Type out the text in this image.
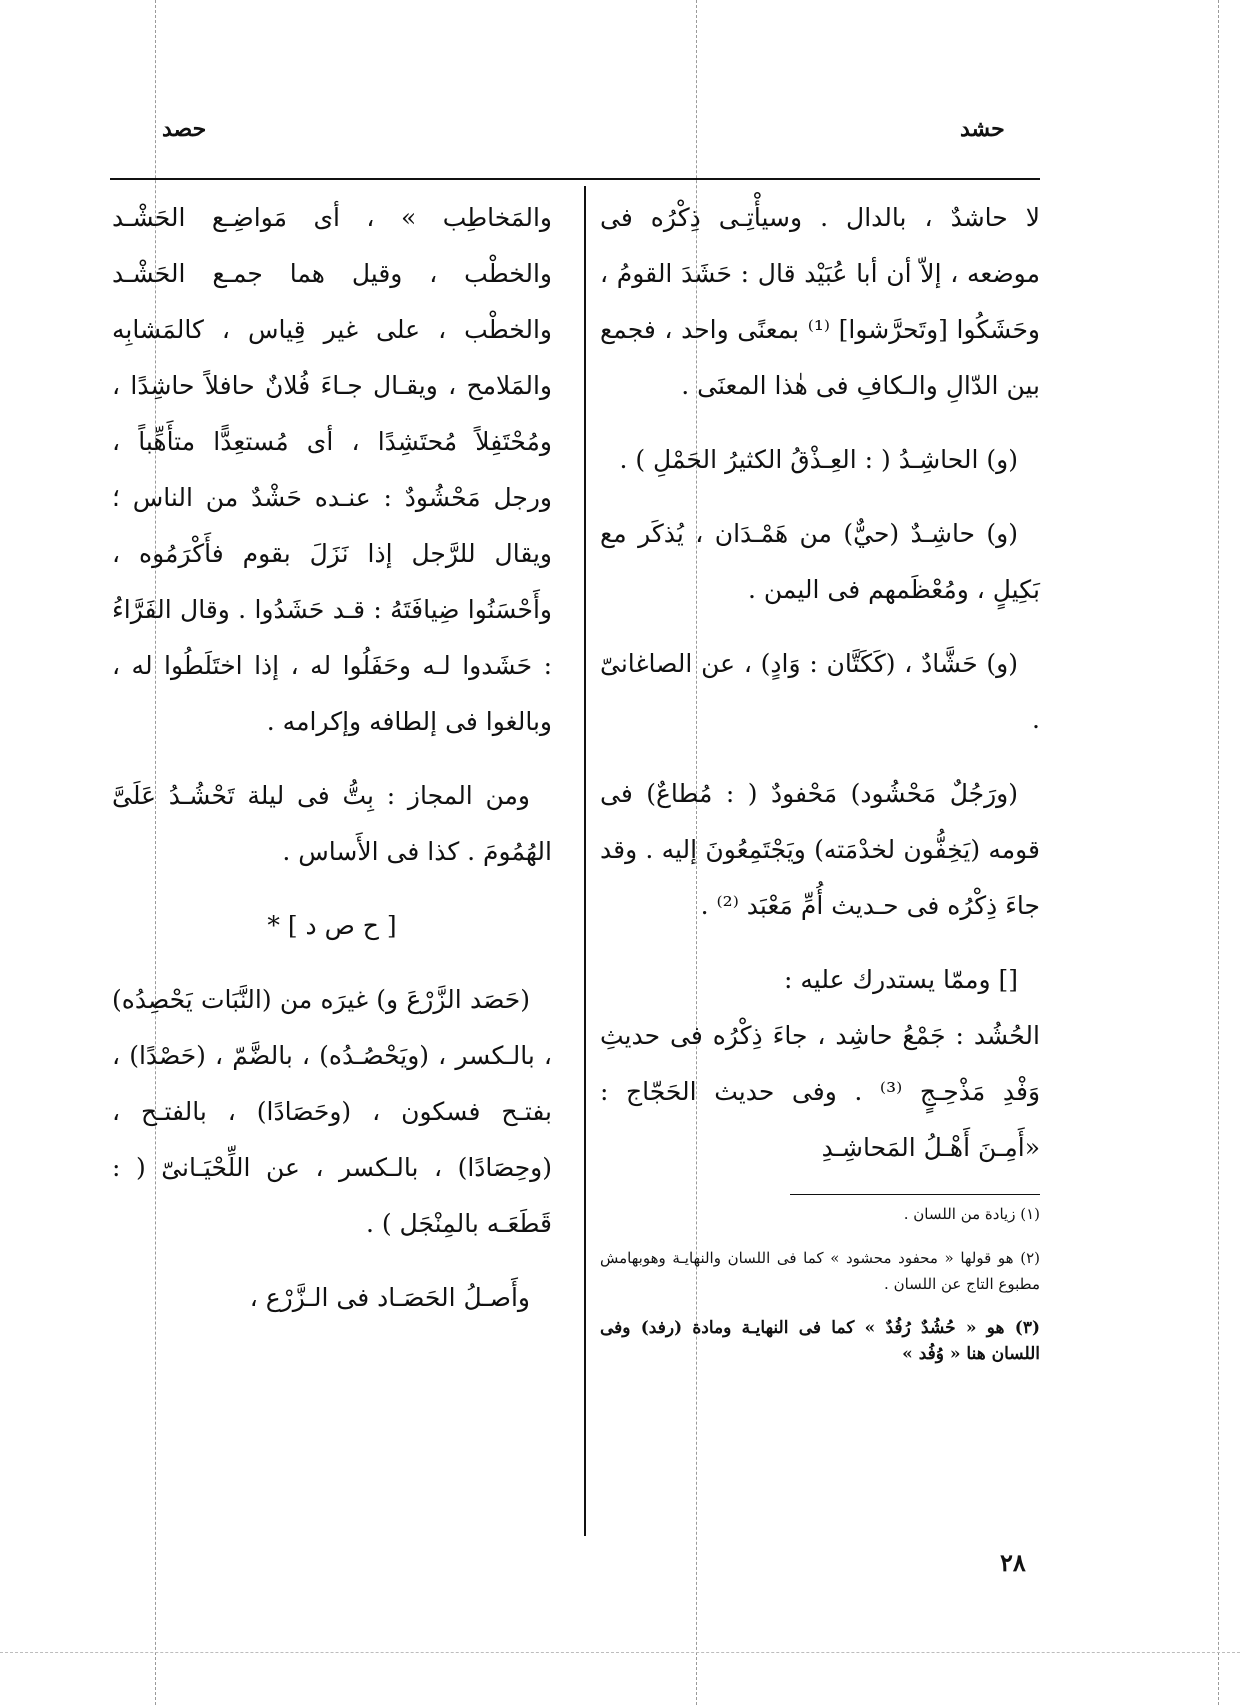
حشد
حصد

لا حاشدٌ ، بالدال . وسيأْتِـى ذِكْرُه فى موضعه ، إلاّ أن أبا عُبَيْد قال : حَشَدَ القومُ ، وحَشَكُوا [وتَحرَّشوا] ⁽¹⁾ بمعنًى واحد ، فجمع بين الدّالِ والـكافِ فى هٰذا المعنَى .

(و) الحاشِـدُ ( : العِـذْقُ الكثيرُ الحَمْلِ ) .

(و) حاشِـدٌ (حيٌّ) من هَمْـدَان ، يُذكَر مع بَكِيلٍ ، ومُعْظَمهم فى اليمن .

(و) حَشَّادٌ ، (كَكَتَّان : وَادٍ) ، عن الصاغانىّ .

(ورَجُلٌ مَحْشُود) مَحْفودٌ ( : مُطاعٌ) فى قومه (يَخِفُّون لخدْمَته) ويَجْتَمِعُونَ إليه . وقد جاءَ ذِكْرُه فى حـديث أُمِّ مَعْبَد ⁽²⁾ .

[] وممّا يستدرك عليه :

الحُشُد : جَمْعُ حاشِد ، جاءَ ذِكْرُه فى حديثِ وَفْدِ مَذْحِـجٍ ⁽³⁾ . وفى حديث الحَجّاج : «أَمِـنَ أَهْـلُ المَحاشِـدِ

(١) زيادة من اللسان .

(٢) هو قولها « محفود محشود » كما فى اللسان والنهايـة وهوبهامش مطبوع التاج عن اللسان .

(٣) هو « حُشُدٌ رُفُدٌ » كما فى النهايـة ومادة (رفد) وفى اللسان هنا « وُفُد »

والمَخاطِب » ، أى مَواضِـع الحَشْـد والخطْب ، وقيل هما جمـع الحَشْـد والخطْب ، على غير قِياس ، كالمَشابِه والمَلامح ، ويقـال جـاءَ فُلانٌ حافلاً حاشِدًا ، ومُحْتَفِلاً مُحتَشِدًا ، أى مُستعِدًّا متأَهِّباً ، ورجل مَحْشُودٌ : عنـده حَشْدٌ من الناس ؛ ويقال للرَّجل إذا نَزَلَ بقوم فأَكْرَمُوه ، وأَحْسَنُوا ضِيافَتَهُ : قـد حَشَدُوا . وقال الفَرَّاءُ : حَشَدوا لـه وحَفَلُوا له ، إذا اختَلَطُوا له ، وبالغوا فى إلطافه وإكرامه .

ومن المجاز : بِتُّ فى ليلة تَحْشُـدُ عَلَىَّ الهُمُومَ . كذا فى الأَساس .

[ ح ص د ] *

(حَصَد الزَّرْعَ و) غيرَه من (النَّبَات يَحْصِدُه) ، بالـكسر ، (ويَحْصُـدُه) ، بالضَّمّ ، (حَصْدًا) ، بفتـح فسكون ، (وحَصَادًا) ، بالفتـح ، (وحِصَادًا) ، بالـكسر ، عن اللِّحْيَـانىّ ( : قَطَعَـه بالمِنْجَل ) .

وأَصـلُ الحَصَـاد فى الـزَّرْع ،

٢٨
